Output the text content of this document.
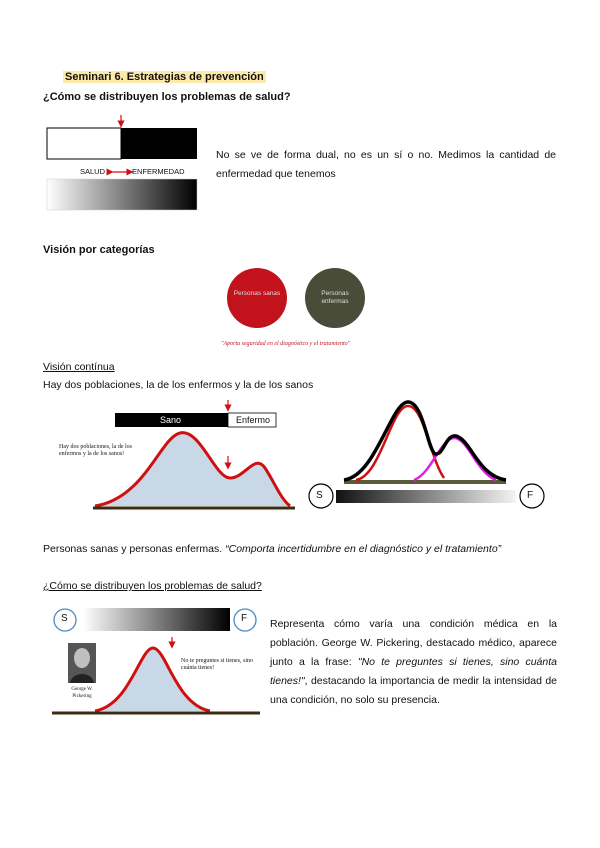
Seminari 6. Estrategias de prevención
¿Cómo se distribuyen los problemas de salud?
SALUD	ENFERMEDAD
No se ve de forma dual, no es un sí o no. Medimos la cantidad de enfermedad que tenemos
Visión por categorías
Personas sanas	Personas enfermas
"Aporta seguridad en el diagnóstico y el tratamiento"
Visión contínua
Hay dos poblaciones, la de los enfermos y la de los sanos
Sano	Enfermo
Hay dos poblaciones, la de los enfermos y la de los sanos!
S	F
Personas sanas y personas enfermas. “Comporta incertidumbre en el diagnóstico y el tratamiento”
¿Cómo se distribuyen los problemas de salud?
S	F
No te preguntes si tienes, sino cuánta tienes!
George W. Pickering
Representa cómo varía una condición médica en la población. George W. Pickering, destacado médico, aparece junto a la frase: "No te preguntes si tienes, sino cuánta tienes!", destacando la importancia de medir la intensidad de una condición, no solo su presencia.
